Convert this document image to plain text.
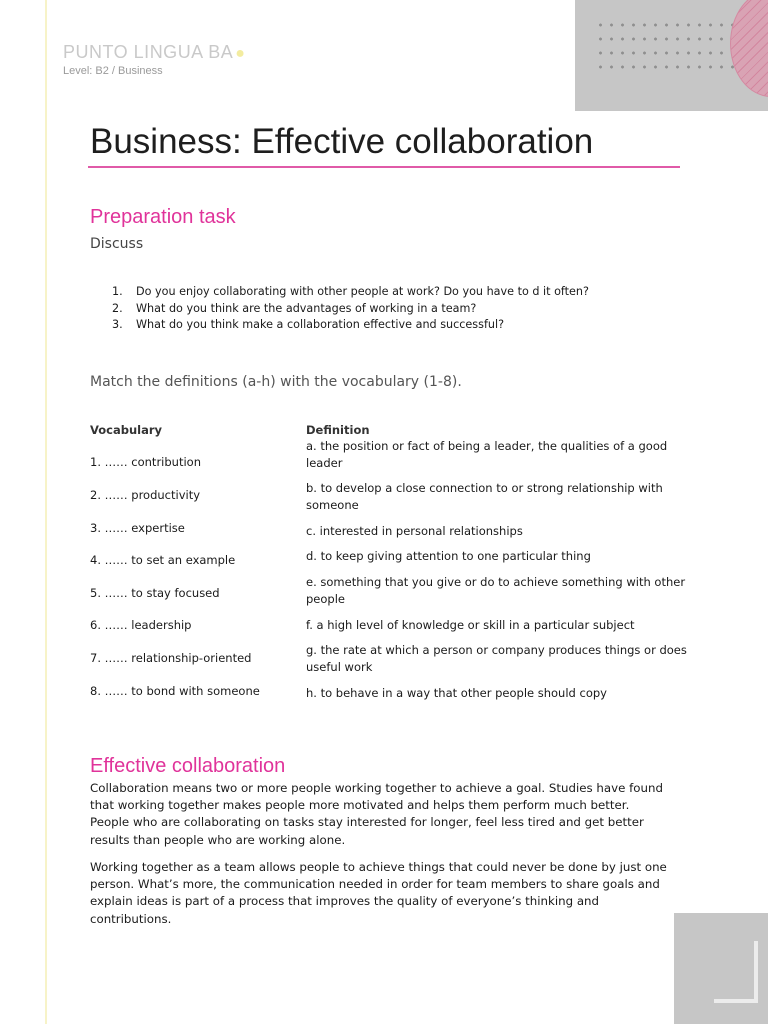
PUNTO LINGUA BA ●
Level: B2 / Business
Business: Effective collaboration
Preparation task
Discuss
1. Do you enjoy collaborating with other people at work? Do you have to d it often?
2. What do you think are the advantages of working in a team?
3. What do you think make a collaboration effective and successful?
Match the definitions (a-h) with the vocabulary (1-8).
Vocabulary	Definition
1. …… contribution
2. …… productivity
3. …… expertise
4. …… to set an example
5. …… to stay focused
6. …… leadership
7. …… relationship-oriented
8. …… to bond with someone
a. the position or fact of being a leader, the qualities of a good leader
b. to develop a close connection to or strong relationship with someone
c. interested in personal relationships
d. to keep giving attention to one particular thing
e. something that you give or do to achieve something with other people
f. a high level of knowledge or skill in a particular subject
g. the rate at which a person or company produces things or does useful work
h. to behave in a way that other people should copy
Effective collaboration

Collaboration means two or more people working together to achieve a goal. Studies have found that working together makes people more motivated and helps them perform much better. People who are collaborating on tasks stay interested for longer, feel less tired and get better results than people who are working alone.

Working together as a team allows people to achieve things that could never be done by just one person. What’s more, the communication needed in order for team members to share goals and explain ideas is part of a process that improves the quality of everyone’s thinking and contributions.
